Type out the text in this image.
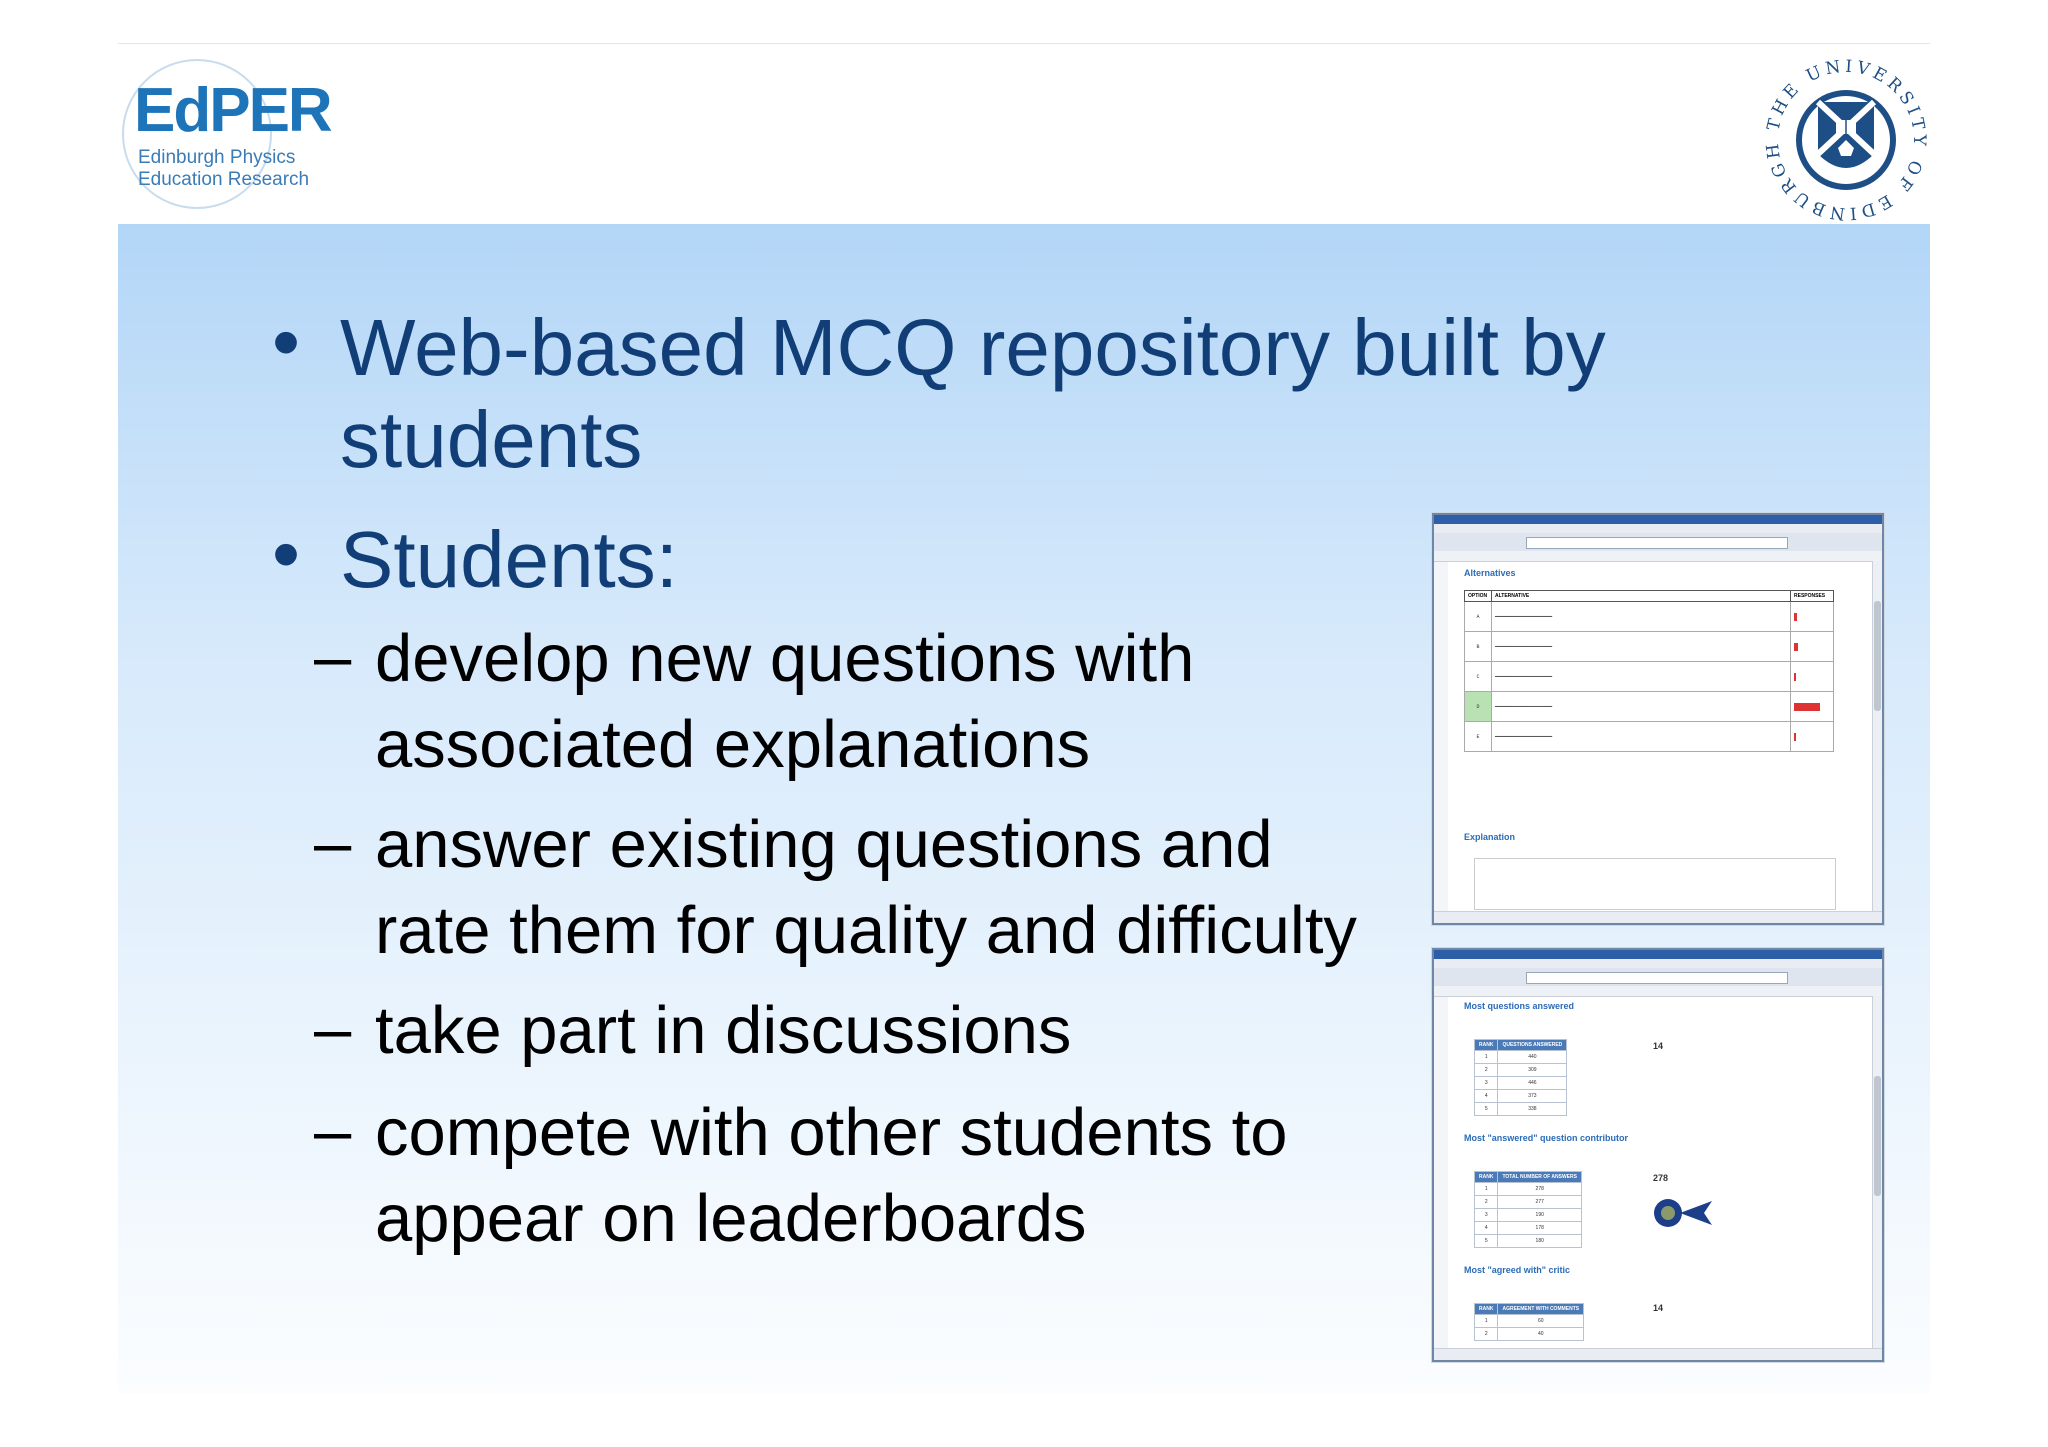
EdPER
Edinburgh Physics
Education Research
THE UNIVERSITY OF EDINBURGH
• Web-based MCQ repository built by
students
• Students:
– develop new questions with
associated explanations
– answer existing questions and
rate them for quality and difficulty
– take part in discussions
– compete with other students to
appear on leaderboards
Alternatives
OPTION	ALTERNATIVE	RESPONSES
A	━━━━━━━━━━━━━━━━━━━	

B	━━━━━━━━━━━━━━━━━━━	

C	━━━━━━━━━━━━━━━━━━━	

D	━━━━━━━━━━━━━━━━━━━	

E	━━━━━━━━━━━━━━━━━━━	
Explanation
Most questions answered
14
RANK	QUESTIONS ANSWERED
1	440
2	309
3	446
4	373
5	338
Most "answered" question contributor
278
RANK	TOTAL NUMBER OF ANSWERS
1	278
2	277
3	190
4	178
5	180
Most "agreed with" critic
14
RANK	AGREEMENT WITH COMMENTS
1	60
2	40
